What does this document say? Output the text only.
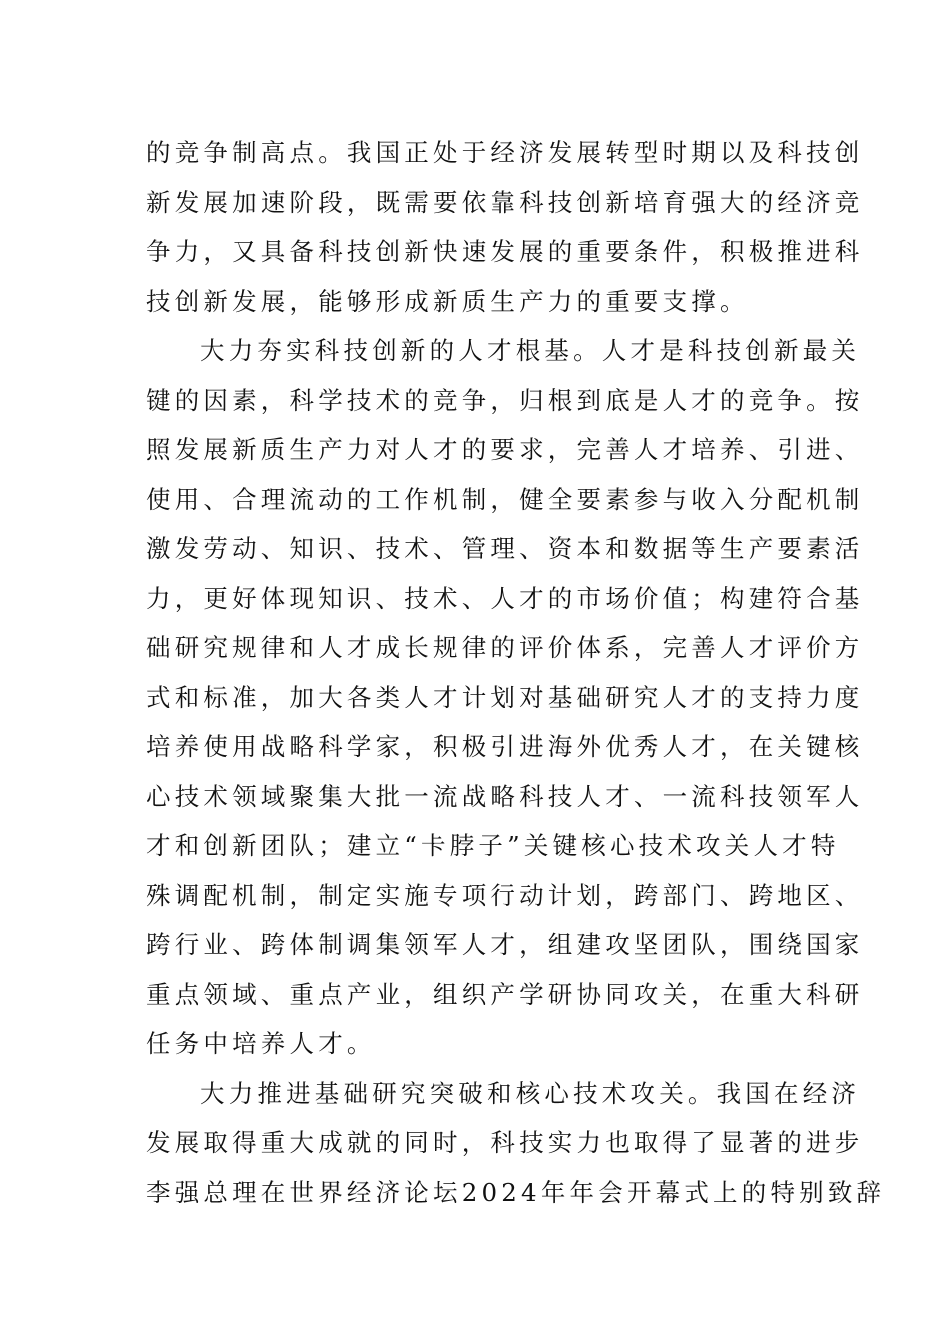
的竞争制高点。我国正处于经济发展转型时期以及科技创
新发展加速阶段，既需要依靠科技创新培育强大的经济竞
争力，又具备科技创新快速发展的重要条件，积极推进科
技创新发展，能够形成新质生产力的重要支撑。
大力夯实科技创新的人才根基。人才是科技创新最关
键的因素，科学技术的竞争，归根到底是人才的竞争。按
照发展新质生产力对人才的要求，完善人才培养、引进、
使用、合理流动的工作机制，健全要素参与收入分配机制
激发劳动、知识、技术、管理、资本和数据等生产要素活
力，更好体现知识、技术、人才的市场价值；构建符合基
础研究规律和人才成长规律的评价体系，完善人才评价方
式和标准，加大各类人才计划对基础研究人才的支持力度
培养使用战略科学家，积极引进海外优秀人才，在关键核
心技术领域聚集大批一流战略科技人才、一流科技领军人
才和创新团队；建立“卡脖子”关键核心技术攻关人才特
殊调配机制，制定实施专项行动计划，跨部门、跨地区、
跨行业、跨体制调集领军人才，组建攻坚团队，围绕国家
重点领域、重点产业，组织产学研协同攻关，在重大科研
任务中培养人才。
大力推进基础研究突破和核心技术攻关。我国在经济
发展取得重大成就的同时，科技实力也取得了显著的进步
李强总理在世界经济论坛2024年年会开幕式上的特别致辞
